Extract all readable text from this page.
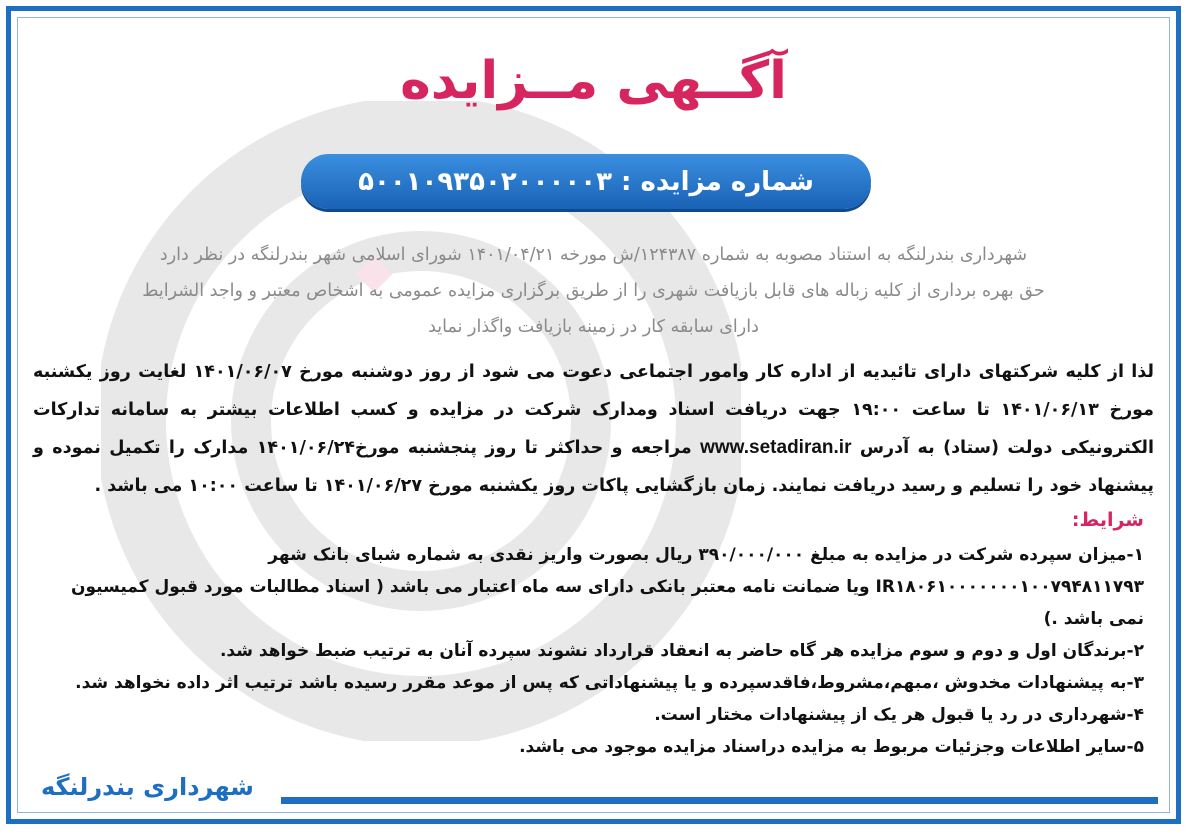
آگــهی مــزایده
شماره مزایده : ۵۰۰۱۰۹۳۵۰۲۰۰۰۰۰۳
شهرداری بندرلنگه به استناد مصوبه به شماره ۱۲۴۳۸۷/ش مورخه ۱۴۰۱/۰۴/۲۱ شورای اسلامی شهر بندرلنگه در نظر دارد
حق بهره برداری از کلیه زباله های قابل بازیافت شهری را از طریق برگزاری مزایده عمومی به اشخاص معتبر و واجد الشرایط
دارای سابقه کار در زمینه بازیافت واگذار نماید
لذا از کلیه شرکتهای دارای تائیدیه از اداره کار وامور اجتماعی دعوت می شود از روز دوشنبه مورخ ۱۴۰۱/۰۶/۰۷ لغایت روز یکشنبه مورخ ۱۴۰۱/۰۶/۱۳ تا ساعت ۱۹:۰۰ جهت دریافت اسناد ومدارک شرکت در مزایده و کسب اطلاعات بیشتر به سامانه تدارکات الکترونیکی دولت (ستاد) به آدرس www.setadiran.ir مراجعه و حداکثر تا روز پنجشنبه مورخ۱۴۰۱/۰۶/۲۴ مدارک را تکمیل نموده و پیشنهاد خود را تسلیم و رسید دریافت نمایند. زمان بازگشایی پاکات روز یکشنبه مورخ ۱۴۰۱/۰۶/۲۷ تا ساعت ۱۰:۰۰ می باشد .
شرایط:

۱-میزان سپرده شرکت در مزایده به مبلغ ۳۹۰/۰۰۰/۰۰۰ ریال بصورت واریز نقدی به شماره شبای بانک شهر IR۱۸۰۶۱۰۰۰۰۰۰۰۱۰۰۷۹۴۸۱۱۷۹۳ ویا ضمانت نامه معتبر بانکی دارای سه ماه اعتبار می باشد ( اسناد مطالبات مورد قبول کمیسیون نمی باشد .)

۲-برندگان اول و دوم و سوم مزایده هر گاه حاضر به انعقاد قرارداد نشوند سپرده آنان به ترتیب ضبط خواهد شد.

۳-به پیشنهادات مخدوش ،مبهم،مشروط،فاقدسپرده و یا پیشنهاداتی که پس از موعد مقرر رسیده باشد ترتیب اثر داده نخواهد شد.

۴-شهرداری در رد یا قبول هر یک از پیشنهادات مختار است.

۵-سایر اطلاعات وجزئیات مربوط به مزایده دراسناد مزایده موجود می باشد.

شهرداری بندرلنگه
